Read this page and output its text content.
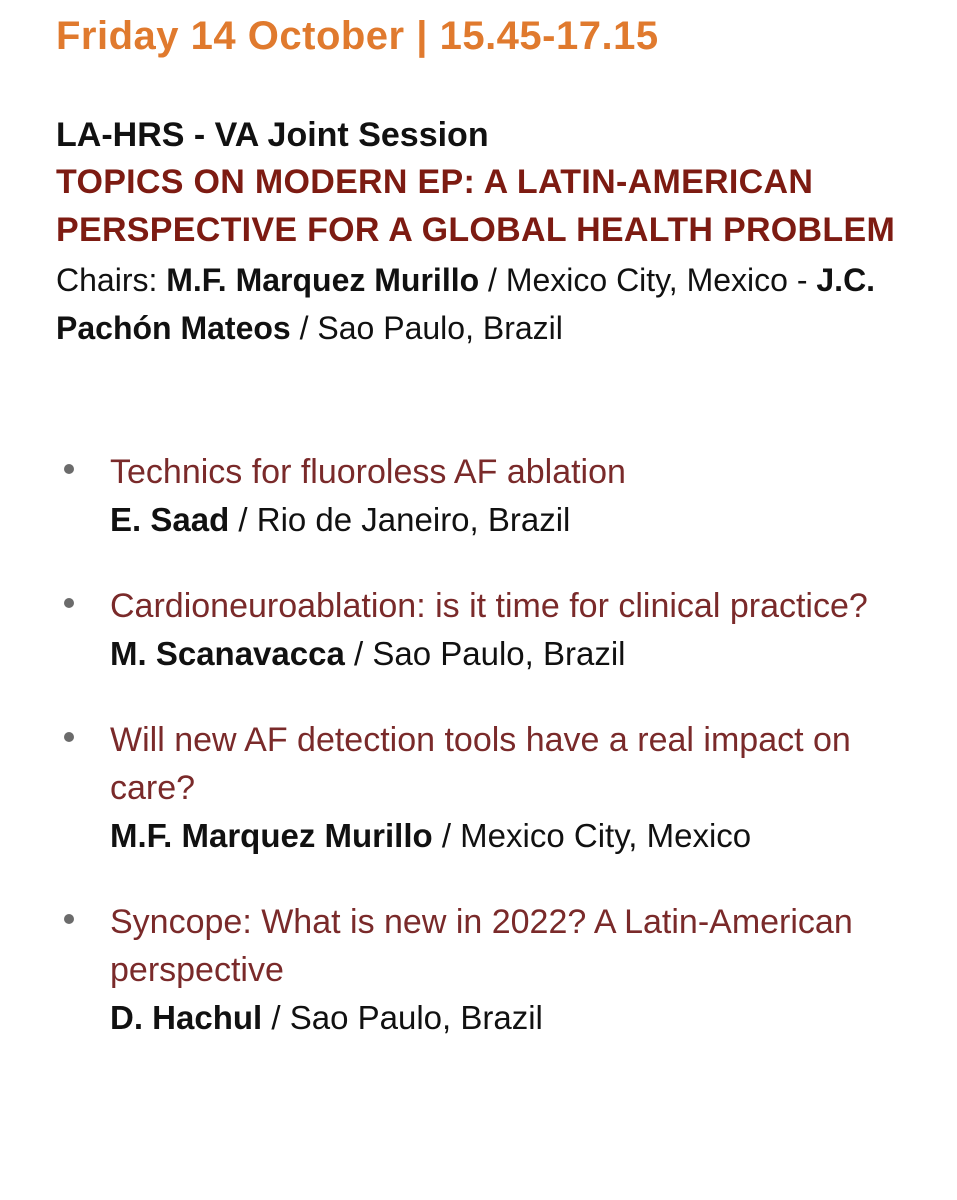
Friday 14 October | 15.45-17.15
LA-HRS - VA Joint Session
TOPICS ON MODERN EP: A LATIN-AMERICAN PERSPECTIVE FOR A GLOBAL HEALTH PROBLEM
Chairs: M.F. Marquez Murillo / Mexico City, Mexico - J.C. Pachón Mateos / Sao Paulo, Brazil
Technics for fluoroless AF ablation
E. Saad / Rio de Janeiro, Brazil
Cardioneuroablation: is it time for clinical practice?
M. Scanavacca / Sao Paulo, Brazil
Will new AF detection tools have a real impact on care?
M.F. Marquez Murillo / Mexico City, Mexico
Syncope: What is new in 2022? A Latin-American perspective
D. Hachul / Sao Paulo, Brazil
